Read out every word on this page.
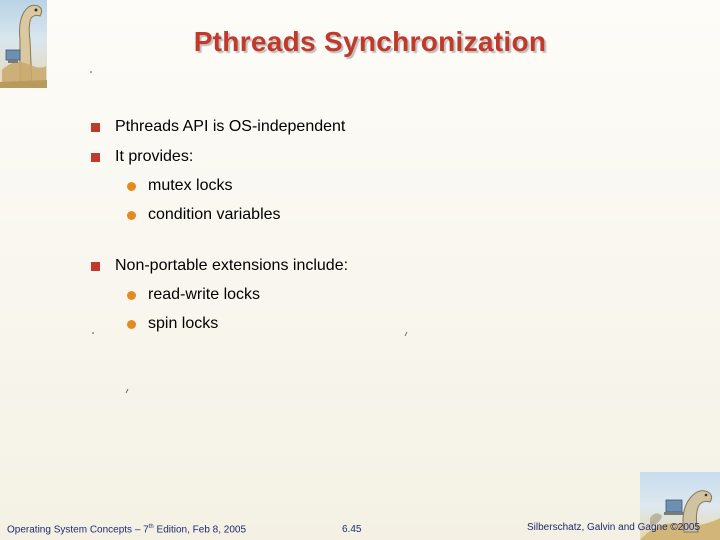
Pthreads Synchronization
Pthreads API is OS-independent
It provides:
mutex locks
condition variables
Non-portable extensions include:
read-write locks
spin locks
Operating System Concepts – 7th Edition, Feb 8, 2005	6.45	Silberschatz, Galvin and Gagne ©2005
